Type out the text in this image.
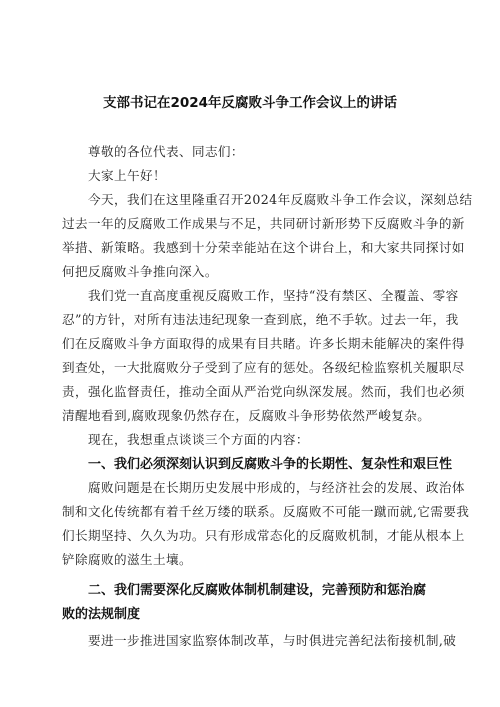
支部书记在2024年反腐败斗争工作会议上的讲话
尊敬的各位代表、同志们：
大家上午好！
今天，我们在这里隆重召开2024年反腐败斗争工作会议，深刻总结
过去一年的反腐败工作成果与不足，共同研讨新形势下反腐败斗争的新
举措、新策略。我感到十分荣幸能站在这个讲台上，和大家共同探讨如
何把反腐败斗争推向深入。
我们党一直高度重视反腐败工作，坚持“没有禁区、全覆盖、零容
忍”的方针，对所有违法违纪现象一查到底，绝不手软。过去一年，我
们在反腐败斗争方面取得的成果有目共睹。许多长期未能解决的案件得
到查处，一大批腐败分子受到了应有的惩处。各级纪检监察机关履职尽
责，强化监督责任，推动全面从严治党向纵深发展。然而，我们也必须
清醒地看到,腐败现象仍然存在，反腐败斗争形势依然严峻复杂。
现在，我想重点谈谈三个方面的内容：
一、我们必须深刻认识到反腐败斗争的长期性、复杂性和艰巨性
腐败问题是在长期历史发展中形成的，与经济社会的发展、政治体
制和文化传统都有着千丝万缕的联系。反腐败不可能一蹴而就,它需要我
们长期坚持、久久为功。只有形成常态化的反腐败机制，才能从根本上
铲除腐败的滋生土壤。
二、我们需要深化反腐败体制机制建设，完善预防和惩治腐
败的法规制度
要进一步推进国家监察体制改革，与时俱进完善纪法衔接机制,破
